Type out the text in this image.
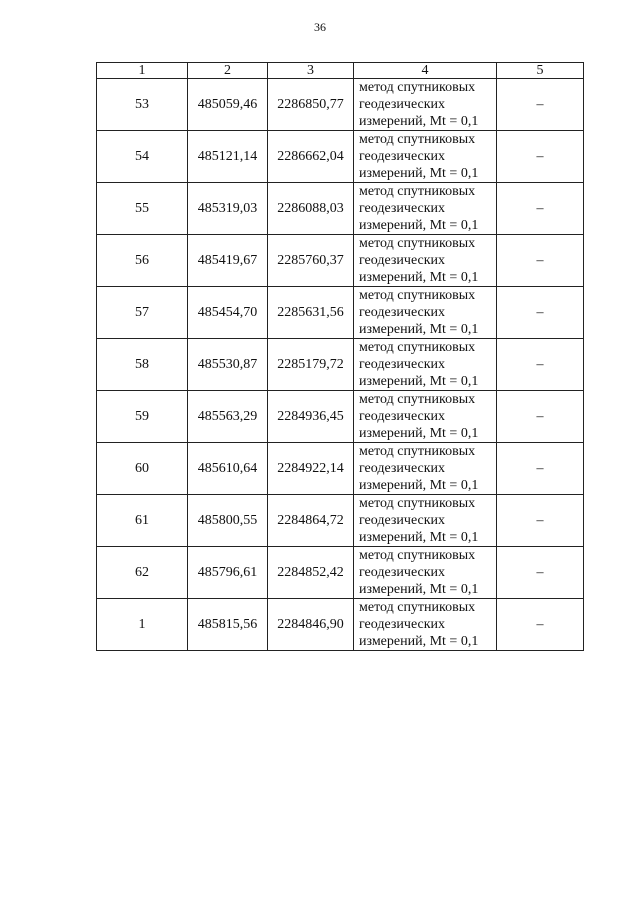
36
1	2	3	4	5
53	485059,46	2286850,77	метод спутниковых
геодезических
измерений, Mt = 0,1	–
54	485121,14	2286662,04	метод спутниковых
геодезических
измерений, Mt = 0,1	–
55	485319,03	2286088,03	метод спутниковых
геодезических
измерений, Mt = 0,1	–
56	485419,67	2285760,37	метод спутниковых
геодезических
измерений, Mt = 0,1	–
57	485454,70	2285631,56	метод спутниковых
геодезических
измерений, Mt = 0,1	–
58	485530,87	2285179,72	метод спутниковых
геодезических
измерений, Mt = 0,1	–
59	485563,29	2284936,45	метод спутниковых
геодезических
измерений, Mt = 0,1	–
60	485610,64	2284922,14	метод спутниковых
геодезических
измерений, Mt = 0,1	–
61	485800,55	2284864,72	метод спутниковых
геодезических
измерений, Mt = 0,1	–
62	485796,61	2284852,42	метод спутниковых
геодезических
измерений, Mt = 0,1	–
1	485815,56	2284846,90	метод спутниковых
геодезических
измерений, Mt = 0,1	–
